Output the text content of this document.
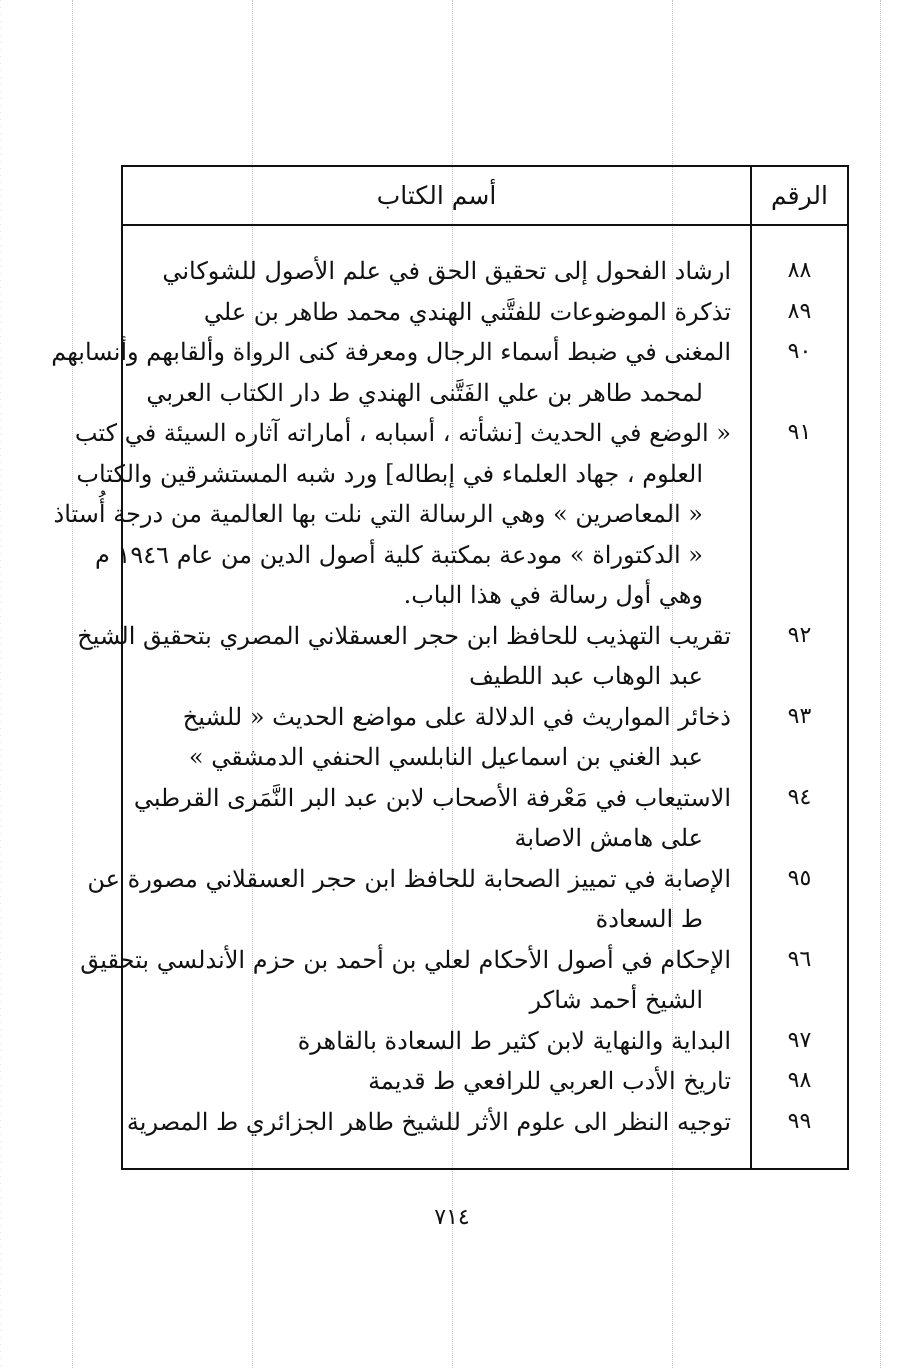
أسم الكتاب	الرقم
٨٨
ارشاد الفحول إلى تحقيق الحق في علم الأصول للشوكاني
٨٩
تذكرة الموضوعات للفتَّني الهندي محمد طاهر بن علي
٩٠
المغنى في ضبط أسماء الرجال ومعرفة كنى الرواة وألقابهم وأنسابهم
لمحمد طاهر بن علي الفَتَّنى الهندي ط دار الكتاب العربي
٩١
« الوضع في الحديث [نشأته ، أسبابه ، أماراته آثاره السيئة في كتب
العلوم ، جهاد العلماء في إبطاله] ورد شبه المستشرقين والكتاب
« المعاصرين » وهي الرسالة التي نلت بها العالمية من درجة أُستاذ
« الدكتوراة » مودعة بمكتبة كلية أصول الدين من عام ١٩٤٦ م
وهي أول رسالة في هذا الباب.
٩٢
تقريب التهذيب للحافظ ابن حجر العسقلاني المصري بتحقيق الشيخ
عبد الوهاب عبد اللطيف
٩٣
ذخائر المواريث في الدلالة على مواضع الحديث « للشيخ
عبد الغني بن اسماعيل النابلسي الحنفي الدمشقي »
٩٤
الاستيعاب في مَعْرفة الأصحاب لابن عبد البر النَّمَرى القرطبي
على هامش الاصابة
٩٥
الإصابة في تمييز الصحابة للحافظ ابن حجر العسقلاني مصورة عن
ط السعادة
٩٦
الإحكام في أصول الأحكام لعلي بن أحمد بن حزم الأندلسي بتحقيق
الشيخ أحمد شاكر
٩٧
البداية والنهاية لابن كثير ط السعادة بالقاهرة
٩٨
تاريخ الأدب العربي للرافعي ط قديمة
٩٩
توجيه النظر الى علوم الأثر للشيخ طاهر الجزائري ط المصرية
٧١٤
